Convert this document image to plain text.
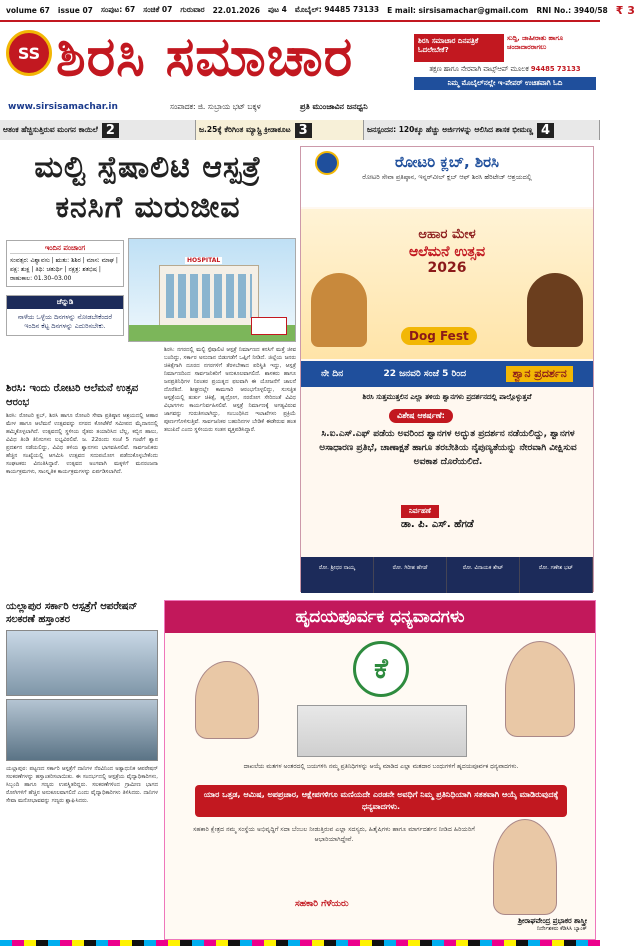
volume 67 issue 07 ಸಂಪುಟ: 67 ಸಂಚಿಕೆ 07 ಗುರುವಾರ 22.01.2026 ಪುಟ 4 ಮೊಬೈಲ್: 94485 73133 E mail: sirsisamachar@gmail.com RNI No.: 3940/58 ₹ 3
SS ಶಿರಸಿ ಸಮಾಚಾರ
www.sirsisamachar.in	ಸಂಪಾದಕ: ಜಿ. ಸುಬ್ರಾಯ ಭಟ್ ಬಕ್ಕಳ	ಪ್ರತಿ ಮುಂಜಾವಿನ ಜನಧ್ವನಿ
ಶಿರಸಿ ಸಮಾಚಾರ ದಿನಪತ್ರಿಕೆ ಓದಲೇಬೇಕೆ?ಸುದ್ದಿ, ಜಾಹೀರಾತು ಹಾಗೂ ಚಂದಾದಾರರಾಗಲು
ತಕ್ಷಣ ಹಾಗೂ ನೇರವಾಗಿ ವಾಟ್ಸ್ಆಪ್ ಮೂಲಕ 94485 73133
ನಿಮ್ಮ ಮೊಬೈಲ್‌ನಲ್ಲೇ ಇ-ಪೇಪರ್ ಉಚಿತವಾಗಿ ಓದಿ
ಆತಂಕ ಹೆಚ್ಚಿಸುತ್ತಿರುವ ಮಂಗನ ಕಾಯಿಲೆ 2	ಜ.25ಕ್ಕೆ ಕೆರಿಗಿಂತ ಮ್ಯಾಸ್ಟ್ರಿ ಕ್ರೀಡಾಕೂಟ 3	ಜನಸ್ಪಂದನ: 120ಕ್ಕೂ ಹೆಚ್ಚು ಅರ್ಜಿಗಳನ್ನು ಆಲಿಸಿದ ಶಾಸಕ ಭೀಮಣ್ಣ 4
ಮಲ್ಟಿ ಸ್ಪೆಷಾಲಿಟಿ ಆಸ್ಪತ್ರೆ
ಕನಸಿಗೆ ಮರುಜೀವ
ಇಂದಿನ ಪಂಚಾಂಗ
ಸಂವತ್ಸರ: ವಿಶ್ವಾವಸು | ಋತು: ಶಿಶಿರ | ಮಾಸ: ಮಾಘ | ಪಕ್ಷ: ಶುಕ್ಲ | ತಿಥಿ: ಚತುರ್ಥಿ | ನಕ್ಷತ್ರ: ಶತಭಿಷ | ರಾಹುಕಾಲ: 01.30–03.00
ಚೆನ್ನುಡಿ
ನಾಳೆಯ ಒಳ್ಳೆಯ ದಿನಗಳನ್ನು ನೋಡಬೇಕೆಂದರೆ ಇಂದಿನ ಕೆಟ್ಟ ದಿನಗಳನ್ನು ಎದುರಿಸಬೇಕು.
HOSPITAL
ಶಿರಸಿ: ಇಂದು ರೋಟರಿ ಆಲೆಮನೆ ಉತ್ಸವ ಆರಂಭ
ಶಿರಸಿ: ರೋಟರಿ ಕ್ಲಬ್, ಶಿರಸಿ ಹಾಗೂ ರೋಟರಿ ಸೇವಾ ಪ್ರತಿಷ್ಠಾನ ಆಶ್ರಯದಲ್ಲಿ ಆಹಾರ ಮೇಳ ಹಾಗೂ ಆಲೆಮನೆ ಉತ್ಸವವನ್ನು ನಗರದ ಕೋಟೆಕೆರೆ ಸಮೀಪದ ಮೈದಾನದಲ್ಲಿ ಹಮ್ಮಿಕೊಳ್ಳಲಾಗಿದೆ. ಉತ್ಸವದಲ್ಲಿ ಸ್ಥಳೀಯ ರೈತರು ತಯಾರಿಸಿದ ಬೆಲ್ಲ, ಕಬ್ಬಿನ ಹಾಲು, ವಿವಿಧ ತಿಂಡಿ ತಿನಿಸುಗಳು ಲಭ್ಯವಿರಲಿವೆ. ಜ. 22ರಂದು ಸಂಜೆ 5 ಗಂಟೆಗೆ ಶ್ವಾನ ಪ್ರದರ್ಶನ ನಡೆಯಲಿದ್ದು, ವಿವಿಧ ತಳಿಯ ಶ್ವಾನಗಳು ಭಾಗವಹಿಸಲಿವೆ. ಸಾರ್ವಜನಿಕರು ಹೆಚ್ಚಿನ ಸಂಖ್ಯೆಯಲ್ಲಿ ಆಗಮಿಸಿ ಉತ್ಸವದ ಸದುಪಯೋಗ ಪಡೆದುಕೊಳ್ಳಬೇಕೆಂದು ಸಂಘಟಕರು ವಿನಂತಿಸಿದ್ದಾರೆ. ಉತ್ಸವದ ಅಂಗವಾಗಿ ಮಕ್ಕಳಿಗೆ ಮನರಂಜನಾ ಕಾರ್ಯಕ್ರಮಗಳು, ಸಾಂಸ್ಕೃತಿಕ ಕಾರ್ಯಕ್ರಮಗಳನ್ನು ಏರ್ಪಡಿಸಲಾಗಿದೆ.
ಶಿರಸಿ: ನಗರದಲ್ಲಿ ಮಲ್ಟಿ ಸ್ಪೆಷಾಲಿಟಿ ಆಸ್ಪತ್ರೆ ನಿರ್ಮಾಣದ ಕನಸಿಗೆ ಮತ್ತೆ ಜೀವ ಬಂದಿದ್ದು, ಸರ್ಕಾರ ಅನುದಾನ ಬಿಡುಗಡೆಗೆ ಒಪ್ಪಿಗೆ ನೀಡಿದೆ. ಜಿಲ್ಲೆಯ ಜನರು ಚಿಕಿತ್ಸೆಗಾಗಿ ದೂರದ ನಗರಗಳಿಗೆ ತೆರಳಬೇಕಾದ ಪರಿಸ್ಥಿತಿ ಇದ್ದು, ಆಸ್ಪತ್ರೆ ನಿರ್ಮಾಣದಿಂದ ಸಾರ್ವಜನಿಕರಿಗೆ ಅನುಕೂಲವಾಗಲಿದೆ. ಶಾಸಕರು ಹಾಗೂ ಜನಪ್ರತಿನಿಧಿಗಳ ನಿರಂತರ ಪ್ರಯತ್ನದ ಫಲವಾಗಿ ಈ ಯೋಜನೆಗೆ ಚಾಲನೆ ದೊರೆತಿದೆ. ಶೀಘ್ರದಲ್ಲೇ ಕಾಮಗಾರಿ ಆರಂಭಗೊಳ್ಳಲಿದ್ದು, ಸುಸಜ್ಜಿತ ಆಸ್ಪತ್ರೆಯಲ್ಲಿ ತುರ್ತು ಚಿಕಿತ್ಸೆ, ಹೃದ್ರೋಗ, ನರರೋಗ ಸೇರಿದಂತೆ ವಿವಿಧ ವಿಭಾಗಗಳು ಕಾರ್ಯನಿರ್ವಹಿಸಲಿವೆ. ಆಸ್ಪತ್ರೆ ನಿರ್ಮಾಣಕ್ಕೆ ಅಗತ್ಯವಿರುವ ಜಾಗವನ್ನು ಗುರುತಿಸಲಾಗಿದ್ದು, ಸಂಬಂಧಿಸಿದ ಇಲಾಖೆಗಳು ಪ್ರಕ್ರಿಯೆ ಪೂರ್ಣಗೊಳಿಸುತ್ತಿವೆ. ಸಾರ್ವಜನಿಕರ ಬಹುದಿನಗಳ ಬೇಡಿಕೆ ಈಡೇರುವ ಹಂತ ತಲುಪಿದೆ ಎಂದು ಸ್ಥಳೀಯರು ಸಂತಸ ವ್ಯಕ್ತಪಡಿಸಿದ್ದಾರೆ.
ರೋಟರಿ ಕ್ಲಬ್, ಶಿರಸಿ
ರೋಟರಿ ಸೇವಾ ಪ್ರತಿಷ್ಠಾನ, ಇನ್ನರ್‌ವೀಲ್ ಕ್ಲಬ್ ಆಫ್ ಶಿರಸಿ ಹೆರಿಟೇಜ್ ಆಶ್ರಯದಲ್ಲಿ
ಆಹಾರ ಮೇಳ
ಆಲೆಮನೆ ಉತ್ಸವ
2026
Dog Fest
ನೇ ದಿನ	22 ಜನವರಿ ಸಂಜೆ 5 ರಿಂದ	ಶ್ವಾನ ಪ್ರದರ್ಶನ
ಶಿರಸಿ ಸುತ್ತಮುತ್ತಲಿನ ಎಲ್ಲಾ ತಳಿಯ ಶ್ವಾನಗಳು ಪ್ರದರ್ಶನದಲ್ಲಿ ಪಾಲ್ಗೊಳ್ಳುತ್ತವೆ
ವಿಶೇಷ ಆಕರ್ಷಣೆ:
ಸಿ.ಐ.ಎಸ್.ಎಫ್ ಪಡೆಯ ಅವರಿಂದ ಶ್ವಾನಗಳ ಅದ್ಭುತ ಪ್ರದರ್ಶನ ನಡೆಯಲಿದ್ದು, ಶ್ವಾನಗಳ ಅಸಾಧಾರಣ ಪ್ರತಿಭೆ, ಚಾಣಾಕ್ಷತೆ ಹಾಗೂ ತರಬೇತಿಯ ನೈಪುಣ್ಯತೆಯನ್ನು ನೇರವಾಗಿ ವೀಕ್ಷಿಸುವ ಅವಕಾಶ ದೊರೆಯಲಿದೆ.
ನಿರ್ವಹಣೆ
ಡಾ. ಪಿ. ಎಸ್. ಹೆಗಡೆ
ರೋ. ಶ್ರೀಧರ ನಾಯ್ಕ	ರೋ. ಗಿರೀಶ ಹೆಗಡೆ	ರೋ. ವಿನಾಯಕ ಶೇಟ್	ರೋ. ಗಣೇಶ ಭಟ್
ಯಲ್ಲಾಪುರ ಸರ್ಕಾರಿ ಆಸ್ಪತ್ರೆಗೆ ಆಪರೇಷನ್ ಸಲಕರಣೆ ಹಸ್ತಾಂತರ
ಯಲ್ಲಾಪುರ: ಪಟ್ಟಣದ ಸರ್ಕಾರಿ ಆಸ್ಪತ್ರೆಗೆ ದಾನಿಗಳ ನೆರವಿನಿಂದ ಅತ್ಯಾಧುನಿಕ ಆಪರೇಷನ್ ಸಲಕರಣೆಗಳನ್ನು ಹಸ್ತಾಂತರಿಸಲಾಯಿತು. ಈ ಸಂದರ್ಭದಲ್ಲಿ ಆಸ್ಪತ್ರೆಯ ವೈದ್ಯಾಧಿಕಾರಿಗಳು, ಸಿಬ್ಬಂದಿ ಹಾಗೂ ಗಣ್ಯರು ಉಪಸ್ಥಿತರಿದ್ದರು. ಸಲಕರಣೆಗಳಿಂದ ಗ್ರಾಮೀಣ ಭಾಗದ ರೋಗಿಗಳಿಗೆ ಹೆಚ್ಚಿನ ಅನುಕೂಲವಾಗಲಿದೆ ಎಂದು ವೈದ್ಯಾಧಿಕಾರಿಗಳು ತಿಳಿಸಿದರು. ದಾನಿಗಳ ಸೇವಾ ಮನೋಭಾವವನ್ನು ಗಣ್ಯರು ಶ್ಲಾಘಿಸಿದರು.
ಹೃದಯಪೂರ್ವಕ ಧನ್ಯವಾದಗಳು
ಕೆ
ದಾಖಲೆಯ ಮತಗಳ ಅಂತರದಲ್ಲಿ ಜಯಗಳಿಸಿ ನಮ್ಮ ಪ್ರತಿನಿಧಿಗಳನ್ನು ಆಯ್ಕೆ ಮಾಡಿದ ಎಲ್ಲಾ ಮತದಾರ ಬಂಧುಗಳಿಗೆ ಹೃದಯಪೂರ್ವಕ ಧನ್ಯವಾದಗಳು.
ಯಾರ ಒತ್ತಡ, ಆಮಿಷ, ಅಪಪ್ರಚಾರ, ಆಕ್ಷೇಪಗಳಿಗೂ ಮಣಿಯದೇ ಎರಡನೇ ಅವಧಿಗೆ ನಿಮ್ಮ ಪ್ರತಿನಿಧಿಯಾಗಿ ಸತತವಾಗಿ ಆಯ್ಕೆ ಮಾಡಿರುವುದಕ್ಕೆ ಧನ್ಯವಾದಗಳು.
ಸಹಕಾರಿ ಕ್ಷೇತ್ರದ ನಮ್ಮ ಸಂಸ್ಥೆಯ ಅಭಿವೃದ್ಧಿಗೆ ಸದಾ ಬೆಂಬಲ ನೀಡುತ್ತಿರುವ ಎಲ್ಲಾ ಸದಸ್ಯರು, ಹಿತೈಷಿಗಳು ಹಾಗೂ ಮಾರ್ಗದರ್ಶನ ನೀಡಿದ ಹಿರಿಯರಿಗೆ ಆಭಾರಿಯಾಗಿದ್ದೇವೆ.
ಸಹಕಾರಿ ಗೆಳೆಯರು
ಶ್ರೀರಾಘವೇಂದ್ರ ಪ್ರಭಾಕರ ಶಾಸ್ತ್ರೀ
ನಿರ್ದೇಶಕರು ಕೆಡಿಸಿಸಿ ಬ್ಯಾಂಕ್
